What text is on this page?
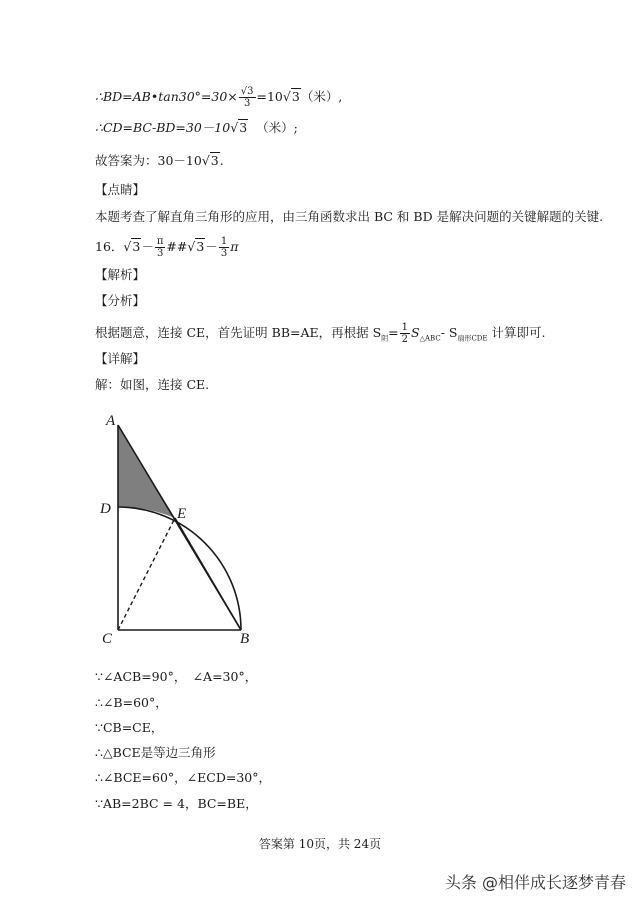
∴BD=AB•tan30°=30× $\frac{√3}{3} =10√3$（米）,
∴CD=BC-BD=30－10√3 （米）;
故答案为：30－10√3.
【点睛】
本题考查了解直角三角形的应用，由三角函数求出 BC 和 BD 是解决问题的关键解题的关键.
16．$√3- \frac{\pi}{3}$ ##√3－ $\frac{1}{3}$ π
【解析】
【分析】
根据题意，连接 CE，首先证明 BB=AE，再根据 $S_阴= \frac{1}{2} S_{\triangle ABC}-$ $S_{扇形CDE}$ 计算即可.
【详解】
解：如图，连接 CE.
A
D	E
C	B
∵∠ACB=90°，　∠A=30°，
∴∠B=60°，
∵CB=CE，
∴△BCE是等边三角形
∴∠BCE=60°，∠ECD=30°，
∵AB=2BC = 4，BC=BE，
答案第 10页，共 24页
头条 @相伴成长逐梦青春
